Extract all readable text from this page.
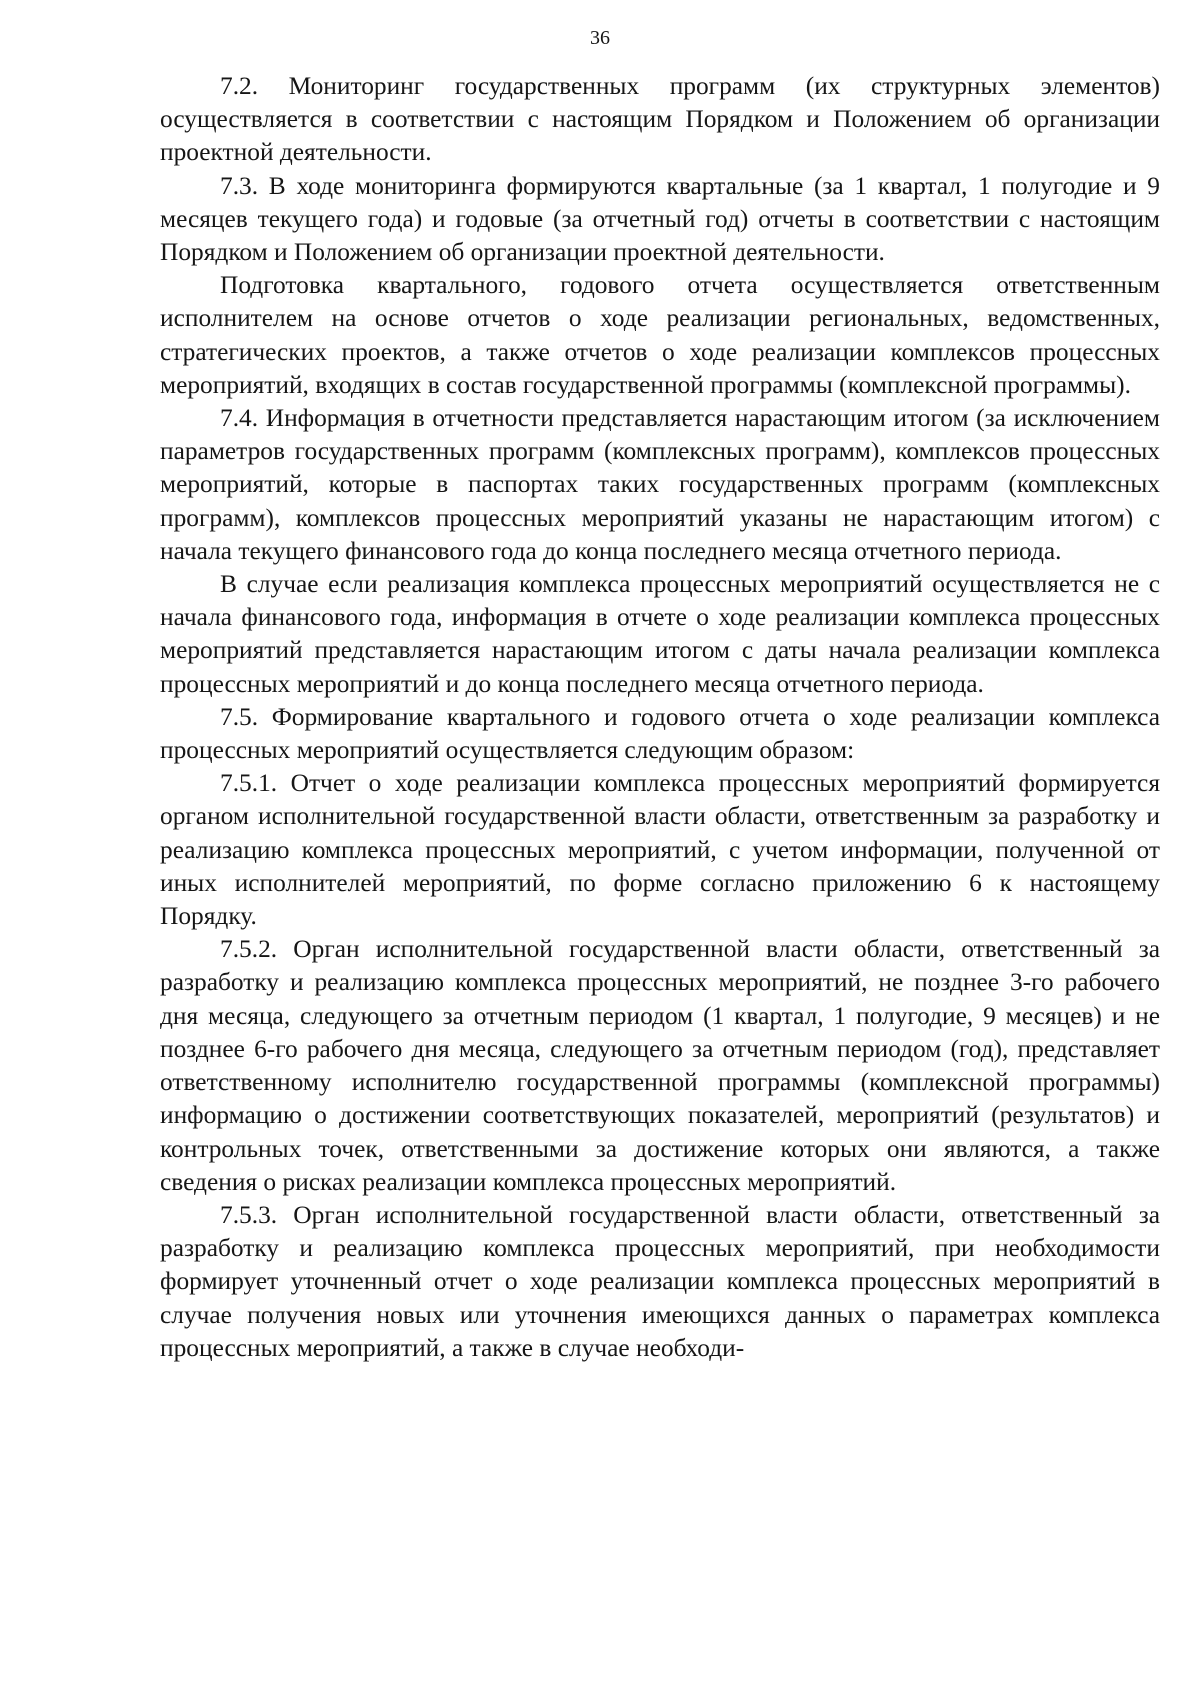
36

7.2. Мониторинг государственных программ (их структурных элементов) осуществляется в соответствии с настоящим Порядком и Положением об организации проектной деятельности.

7.3. В ходе мониторинга формируются квартальные (за 1 квартал, 1 полугодие и 9 месяцев текущего года) и годовые (за отчетный год) отчеты в соответствии с настоящим Порядком и Положением об организации проектной деятельности.

Подготовка квартального, годового отчета осуществляется ответственным исполнителем на основе отчетов о ходе реализации региональных, ведомственных, стратегических проектов, а также отчетов о ходе реализации комплексов процессных мероприятий, входящих в состав государственной программы (комплексной программы).

7.4. Информация в отчетности представляется нарастающим итогом (за исключением параметров государственных программ (комплексных программ), комплексов процессных мероприятий, которые в паспортах таких государственных программ (комплексных программ), комплексов процессных мероприятий указаны не нарастающим итогом) с начала текущего финансового года до конца последнего месяца отчетного периода.

В случае если реализация комплекса процессных мероприятий осуществляется не с начала финансового года, информация в отчете о ходе реализации комплекса процессных мероприятий представляется нарастающим итогом с даты начала реализации комплекса процессных мероприятий и до конца последнего месяца отчетного периода.

7.5. Формирование квартального и годового отчета о ходе реализации комплекса процессных мероприятий осуществляется следующим образом:

7.5.1. Отчет о ходе реализации комплекса процессных мероприятий формируется органом исполнительной государственной власти области, ответственным за разработку и реализацию комплекса процессных мероприятий, с учетом информации, полученной от иных исполнителей мероприятий, по форме согласно приложению 6 к настоящему Порядку.

7.5.2. Орган исполнительной государственной власти области, ответственный за разработку и реализацию комплекса процессных мероприятий, не позднее 3-го рабочего дня месяца, следующего за отчетным периодом (1 квартал, 1 полугодие, 9 месяцев) и не позднее 6-го рабочего дня месяца, следующего за отчетным периодом (год), представляет ответственному исполнителю государственной программы (комплексной программы) информацию о достижении соответствующих показателей, мероприятий (результатов) и контрольных точек, ответственными за достижение которых они являются, а также сведения о рисках реализации комплекса процессных мероприятий.

7.5.3. Орган исполнительной государственной власти области, ответственный за разработку и реализацию комплекса процессных мероприятий, при необходимости формирует уточненный отчет о ходе реализации комплекса процессных мероприятий в случае получения новых или уточнения имеющихся данных о параметрах комплекса процессных мероприятий, а также в случае необходи-
